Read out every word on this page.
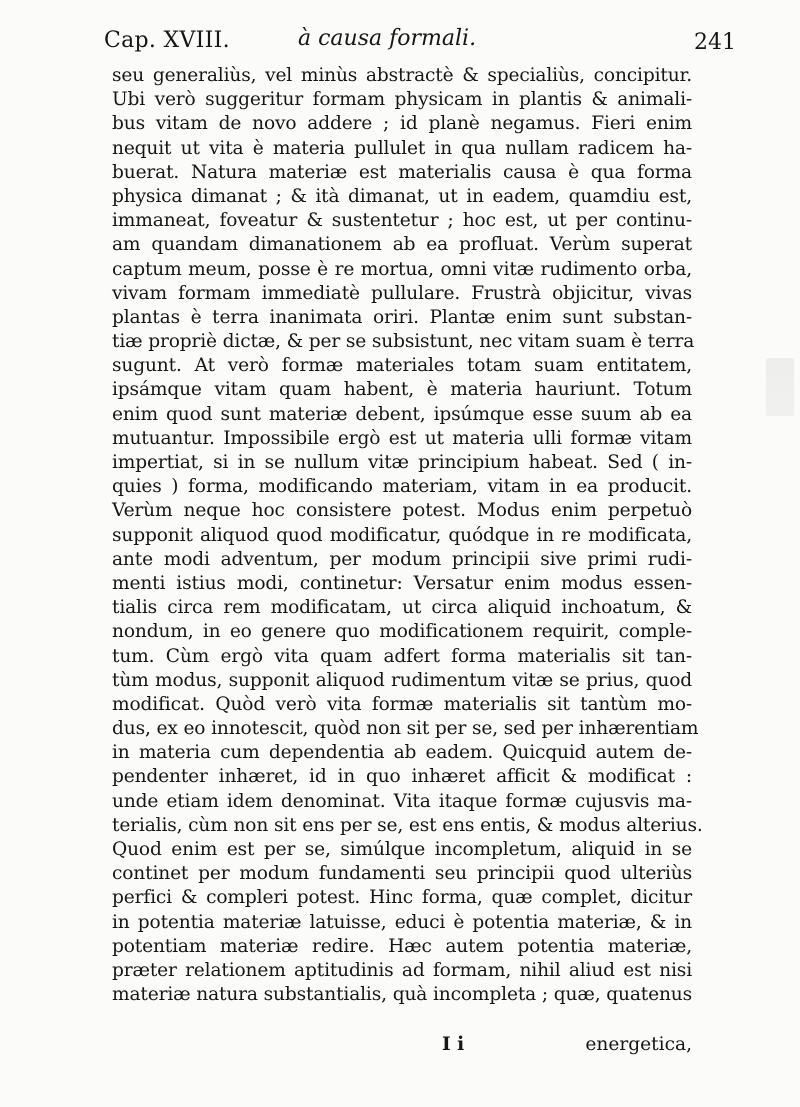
Cap. XVIII.	à causa formali.	241
seu generaliùs, vel minùs abstractè & specialiùs, concipitur.
Ubi verò suggeritur formam physicam in plantis & animali-
bus vitam de novo addere ; id planè negamus. Fieri enim
nequit ut vita è materia pullulet in qua nullam radicem ha-
buerat. Natura materiæ est materialis causa è qua forma
physica dimanat ; & ità dimanat, ut in eadem, quamdiu est,
immaneat, foveatur & sustentetur ; hoc est, ut per continu-
am quandam dimanationem ab ea profluat. Verùm superat
captum meum, posse è re mortua, omni vitæ rudimento orba,
vivam formam immediatè pullulare. Frustrà objicitur, vivas
plantas è terra inanimata oriri. Plantæ enim sunt substan-
tiæ propriè dictæ, & per se subsistunt, nec vitam suam è terra
sugunt. At verò formæ materiales totam suam entitatem,
ipsámque vitam quam habent, è materia hauriunt. Totum
enim quod sunt materiæ debent, ipsúmque esse suum ab ea
mutuantur. Impossibile ergò est ut materia ulli formæ vitam
impertiat, si in se nullum vitæ principium habeat. Sed ( in-
quies ) forma, modificando materiam, vitam in ea producit.
Verùm neque hoc consistere potest. Modus enim perpetuò
supponit aliquod quod modificatur, quódque in re modificata,
ante modi adventum, per modum principii sive primi rudi-
menti istius modi, continetur: Versatur enim modus essen-
tialis circa rem modificatam, ut circa aliquid inchoatum, &
nondum, in eo genere quo modificationem requirit, comple-
tum. Cùm ergò vita quam adfert forma materialis sit tan-
tùm modus, supponit aliquod rudimentum vitæ se prius, quod
modificat. Quòd verò vita formæ materialis sit tantùm mo-
dus, ex eo innotescit, quòd non sit per se, sed per inhærentiam
in materia cum dependentia ab eadem. Quicquid autem de-
pendenter inhæret, id in quo inhæret afficit & modificat :
unde etiam idem denominat. Vita itaque formæ cujusvis ma-
terialis, cùm non sit ens per se, est ens entis, & modus alterius.
Quod enim est per se, simúlque incompletum, aliquid in se
continet per modum fundamenti seu principii quod ulteriùs
perfici & compleri potest. Hinc forma, quæ complet, dicitur
in potentia materiæ latuisse, educi è potentia materiæ, & in
potentiam materiæ redire. Hæc autem potentia materiæ,
præter relationem aptitudinis ad formam, nihil aliud est nisi
materiæ natura substantialis, quà incompleta ; quæ, quatenus
I i	energetica,
